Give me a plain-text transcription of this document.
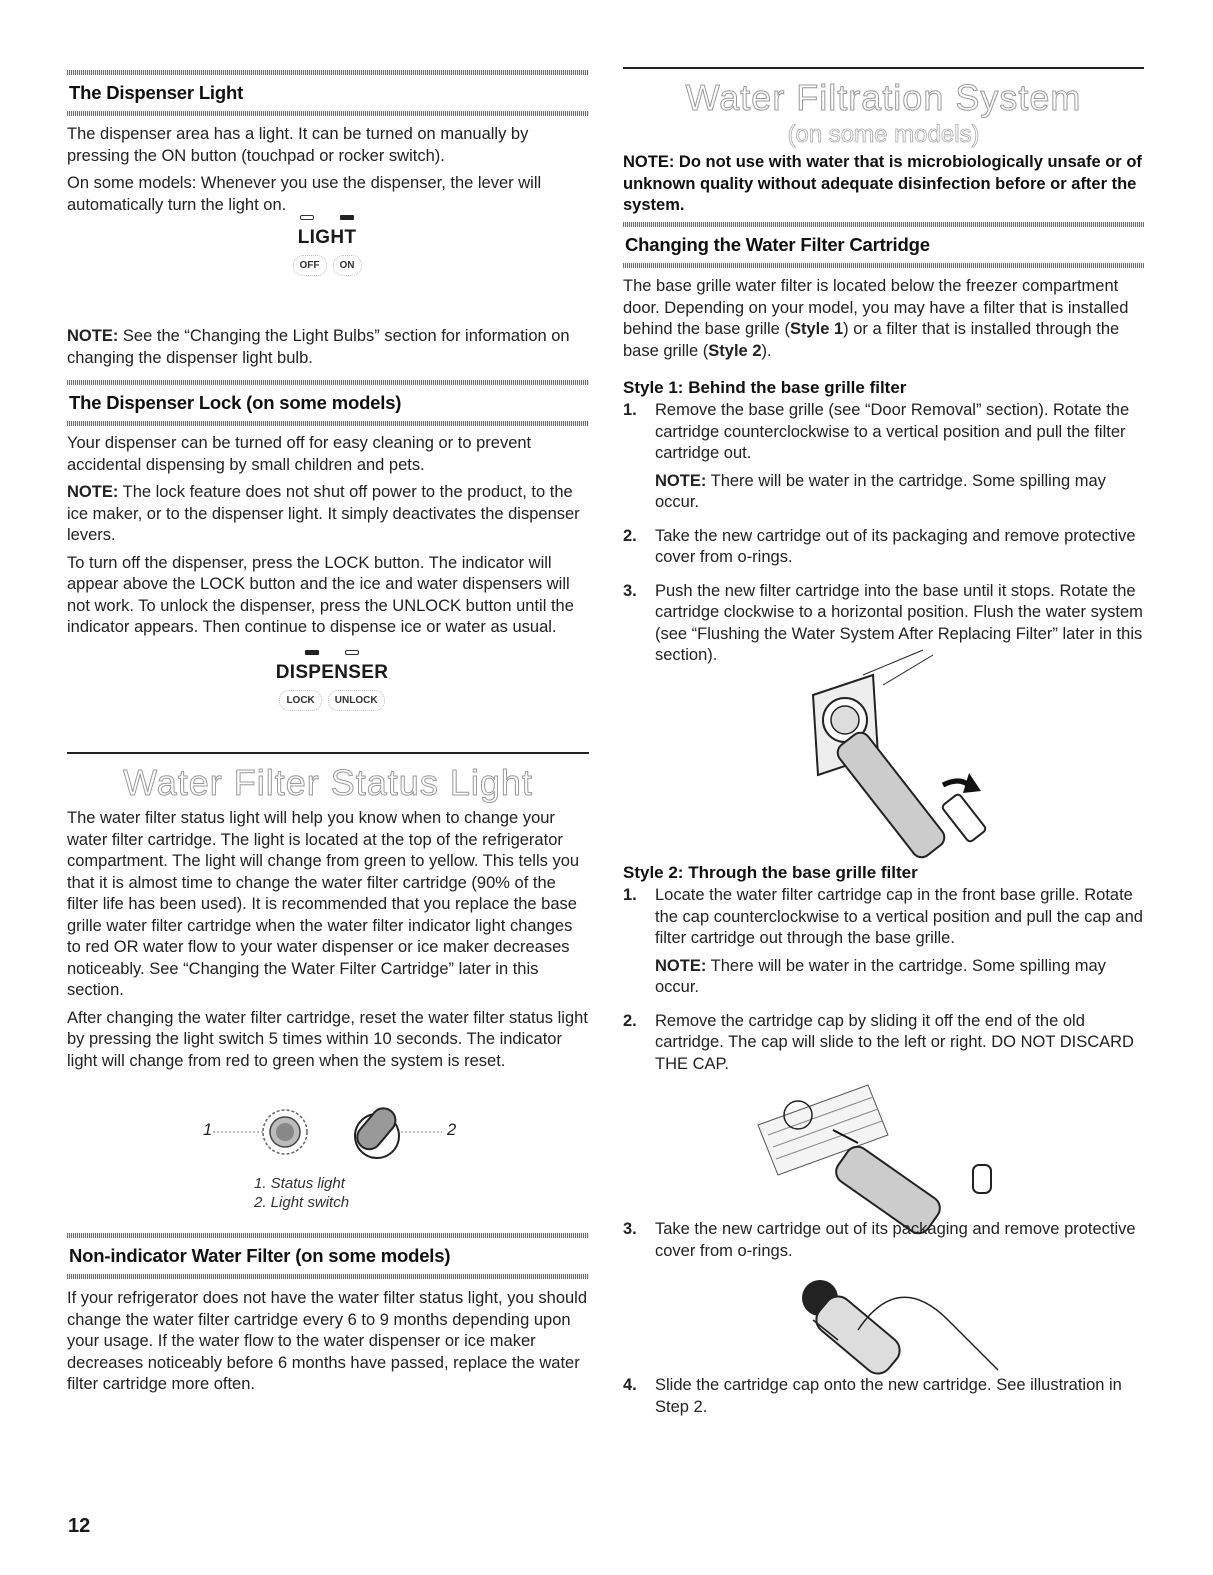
The Dispenser Light

The dispenser area has a light. It can be turned on manually by pressing the ON button (touchpad or rocker switch).

On some models: Whenever you use the dispenser, the lever will automatically turn the light on.

LIGHT
OFF	ON

NOTE: See the “Changing the Light Bulbs” section for information on changing the dispenser light bulb.

The Dispenser Lock (on some models)

Your dispenser can be turned off for easy cleaning or to prevent accidental dispensing by small children and pets.

NOTE: The lock feature does not shut off power to the product, to the ice maker, or to the dispenser light. It simply deactivates the dispenser levers.

To turn off the dispenser, press the LOCK button. The indicator will appear above the LOCK button and the ice and water dispensers will not work. To unlock the dispenser, press the UNLOCK button until the indicator appears. Then continue to dispense ice or water as usual.

DISPENSER
LOCK	UNLOCK
Water Filter Status Light

The water filter status light will help you know when to change your water filter cartridge. The light is located at the top of the refrigerator compartment. The light will change from green to yellow. This tells you that it is almost time to change the water filter cartridge (90% of the filter life has been used). It is recommended that you replace the base grille water filter cartridge when the water filter indicator light changes to red OR water flow to your water dispenser or ice maker decreases noticeably. See “Changing the Water Filter Cartridge” later in this section.

After changing the water filter cartridge, reset the water filter status light by pressing the light switch 5 times within 10 seconds. The indicator light will change from red to green when the system is reset.

1	2
1. Status light
2. Light switch
Non-indicator Water Filter (on some models)

If your refrigerator does not have the water filter status light, you should change the water filter cartridge every 6 to 9 months depending upon your usage. If the water flow to the water dispenser or ice maker decreases noticeably before 6 months have passed, replace the water filter cartridge more often.

12
Water Filtration System
(on some models)
NOTE: Do not use with water that is microbiologically unsafe or of unknown quality without adequate disinfection before or after the system.
Changing the Water Filter Cartridge

The base grille water filter is located below the freezer compartment door. Depending on your model, you may have a filter that is installed behind the base grille (Style 1) or a filter that is installed through the base grille (Style 2).

Style 1: Behind the base grille filter
1.	Remove the base grille (see “Door Removal” section). Rotate the cartridge counterclockwise to a vertical position and pull the filter cartridge out.

NOTE: There will be water in the cartridge. Some spilling may occur.

2.	Take the new cartridge out of its packaging and remove protective cover from o-rings.

3.	Push the new filter cartridge into the base until it stops. Rotate the cartridge clockwise to a horizontal position. Flush the water system (see “Flushing the Water System After Replacing Filter” later in this section).

Style 2: Through the base grille filter
1.	Locate the water filter cartridge cap in the front base grille. Rotate the cap counterclockwise to a vertical position and pull the cap and filter cartridge out through the base grille.

NOTE: There will be water in the cartridge. Some spilling may occur.

2.	Remove the cartridge cap by sliding it off the end of the old cartridge. The cap will slide to the left or right. DO NOT DISCARD THE CAP.

3.	Take the new cartridge out of its packaging and remove protective cover from o-rings.

4.	Slide the cartridge cap onto the new cartridge. See illustration in Step 2.
